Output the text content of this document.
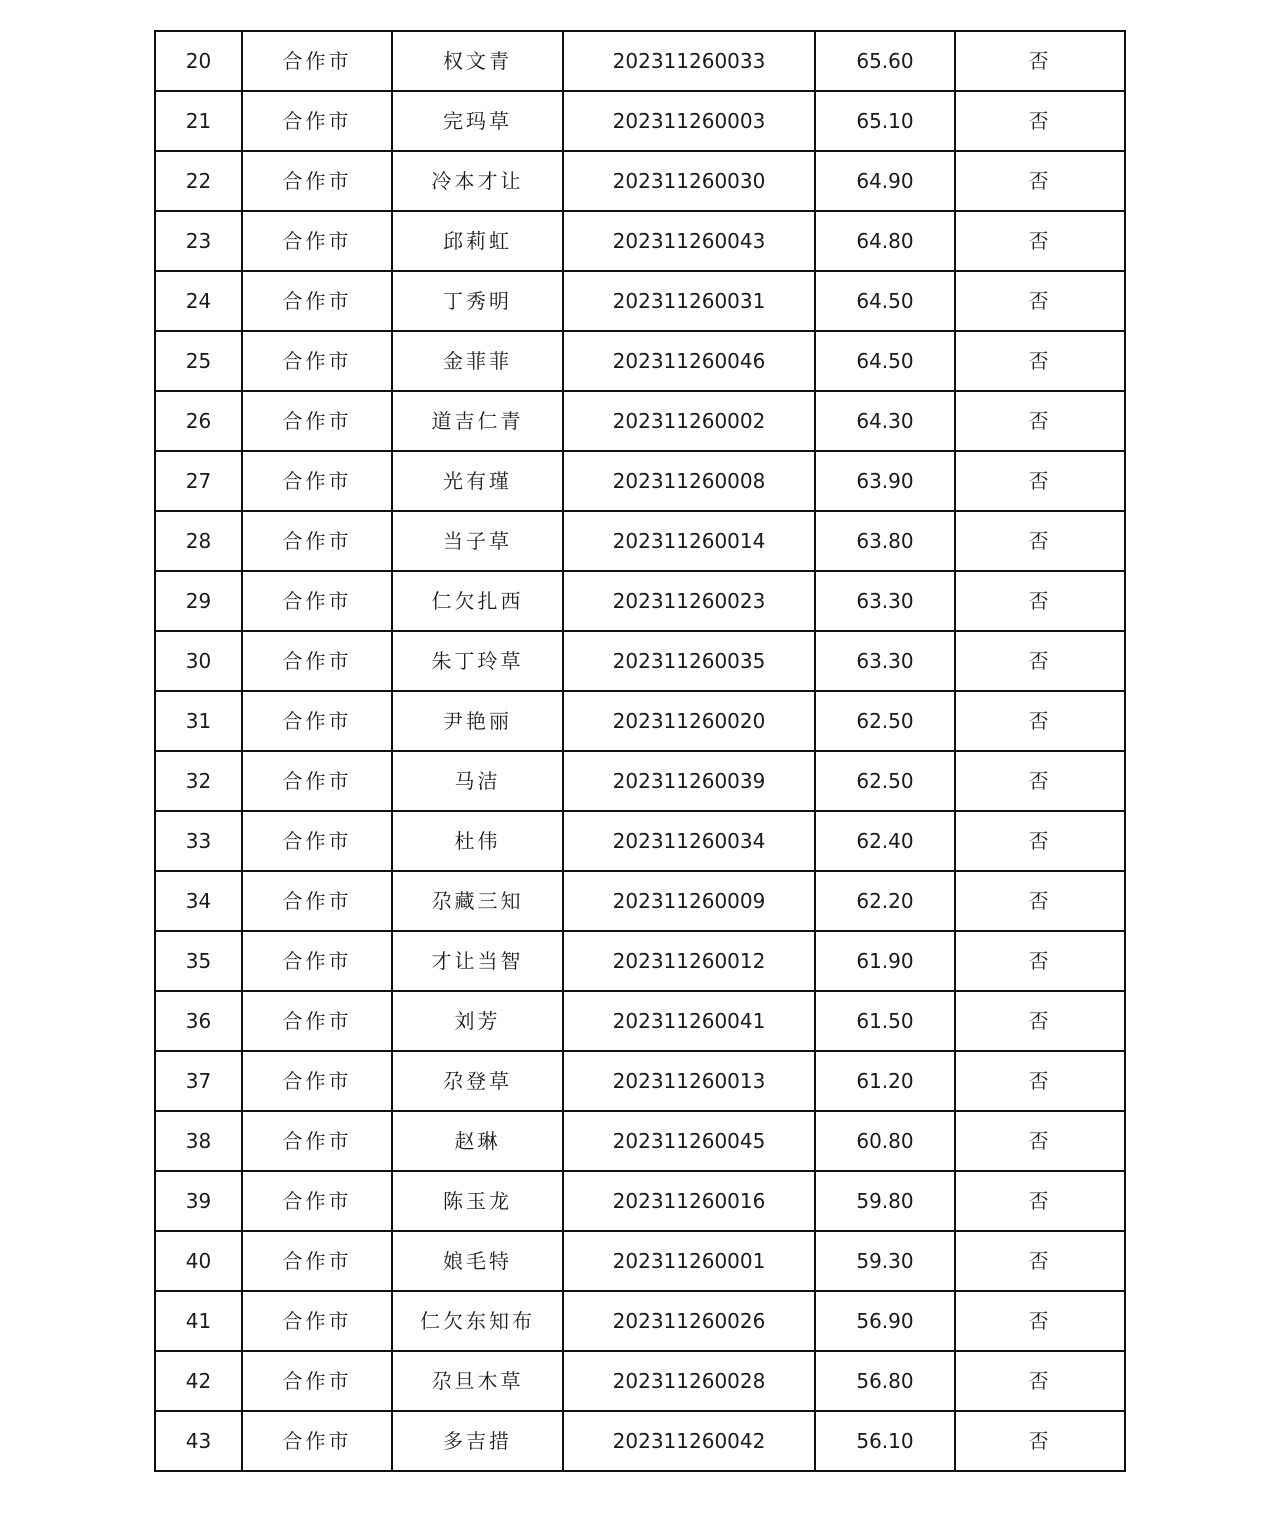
20	合作市	权文青	202311260033	65.60	否
21	合作市	完玛草	202311260003	65.10	否
22	合作市	冷本才让	202311260030	64.90	否
23	合作市	邱莉虹	202311260043	64.80	否
24	合作市	丁秀明	202311260031	64.50	否
25	合作市	金菲菲	202311260046	64.50	否
26	合作市	道吉仁青	202311260002	64.30	否
27	合作市	光有瑾	202311260008	63.90	否
28	合作市	当子草	202311260014	63.80	否
29	合作市	仁欠扎西	202311260023	63.30	否
30	合作市	朱丁玲草	202311260035	63.30	否
31	合作市	尹艳丽	202311260020	62.50	否
32	合作市	马洁	202311260039	62.50	否
33	合作市	杜伟	202311260034	62.40	否
34	合作市	尕藏三知	202311260009	62.20	否
35	合作市	才让当智	202311260012	61.90	否
36	合作市	刘芳	202311260041	61.50	否
37	合作市	尕登草	202311260013	61.20	否
38	合作市	赵琳	202311260045	60.80	否
39	合作市	陈玉龙	202311260016	59.80	否
40	合作市	娘毛特	202311260001	59.30	否
41	合作市	仁欠东知布	202311260026	56.90	否
42	合作市	尕旦木草	202311260028	56.80	否
43	合作市	多吉措	202311260042	56.10	否
